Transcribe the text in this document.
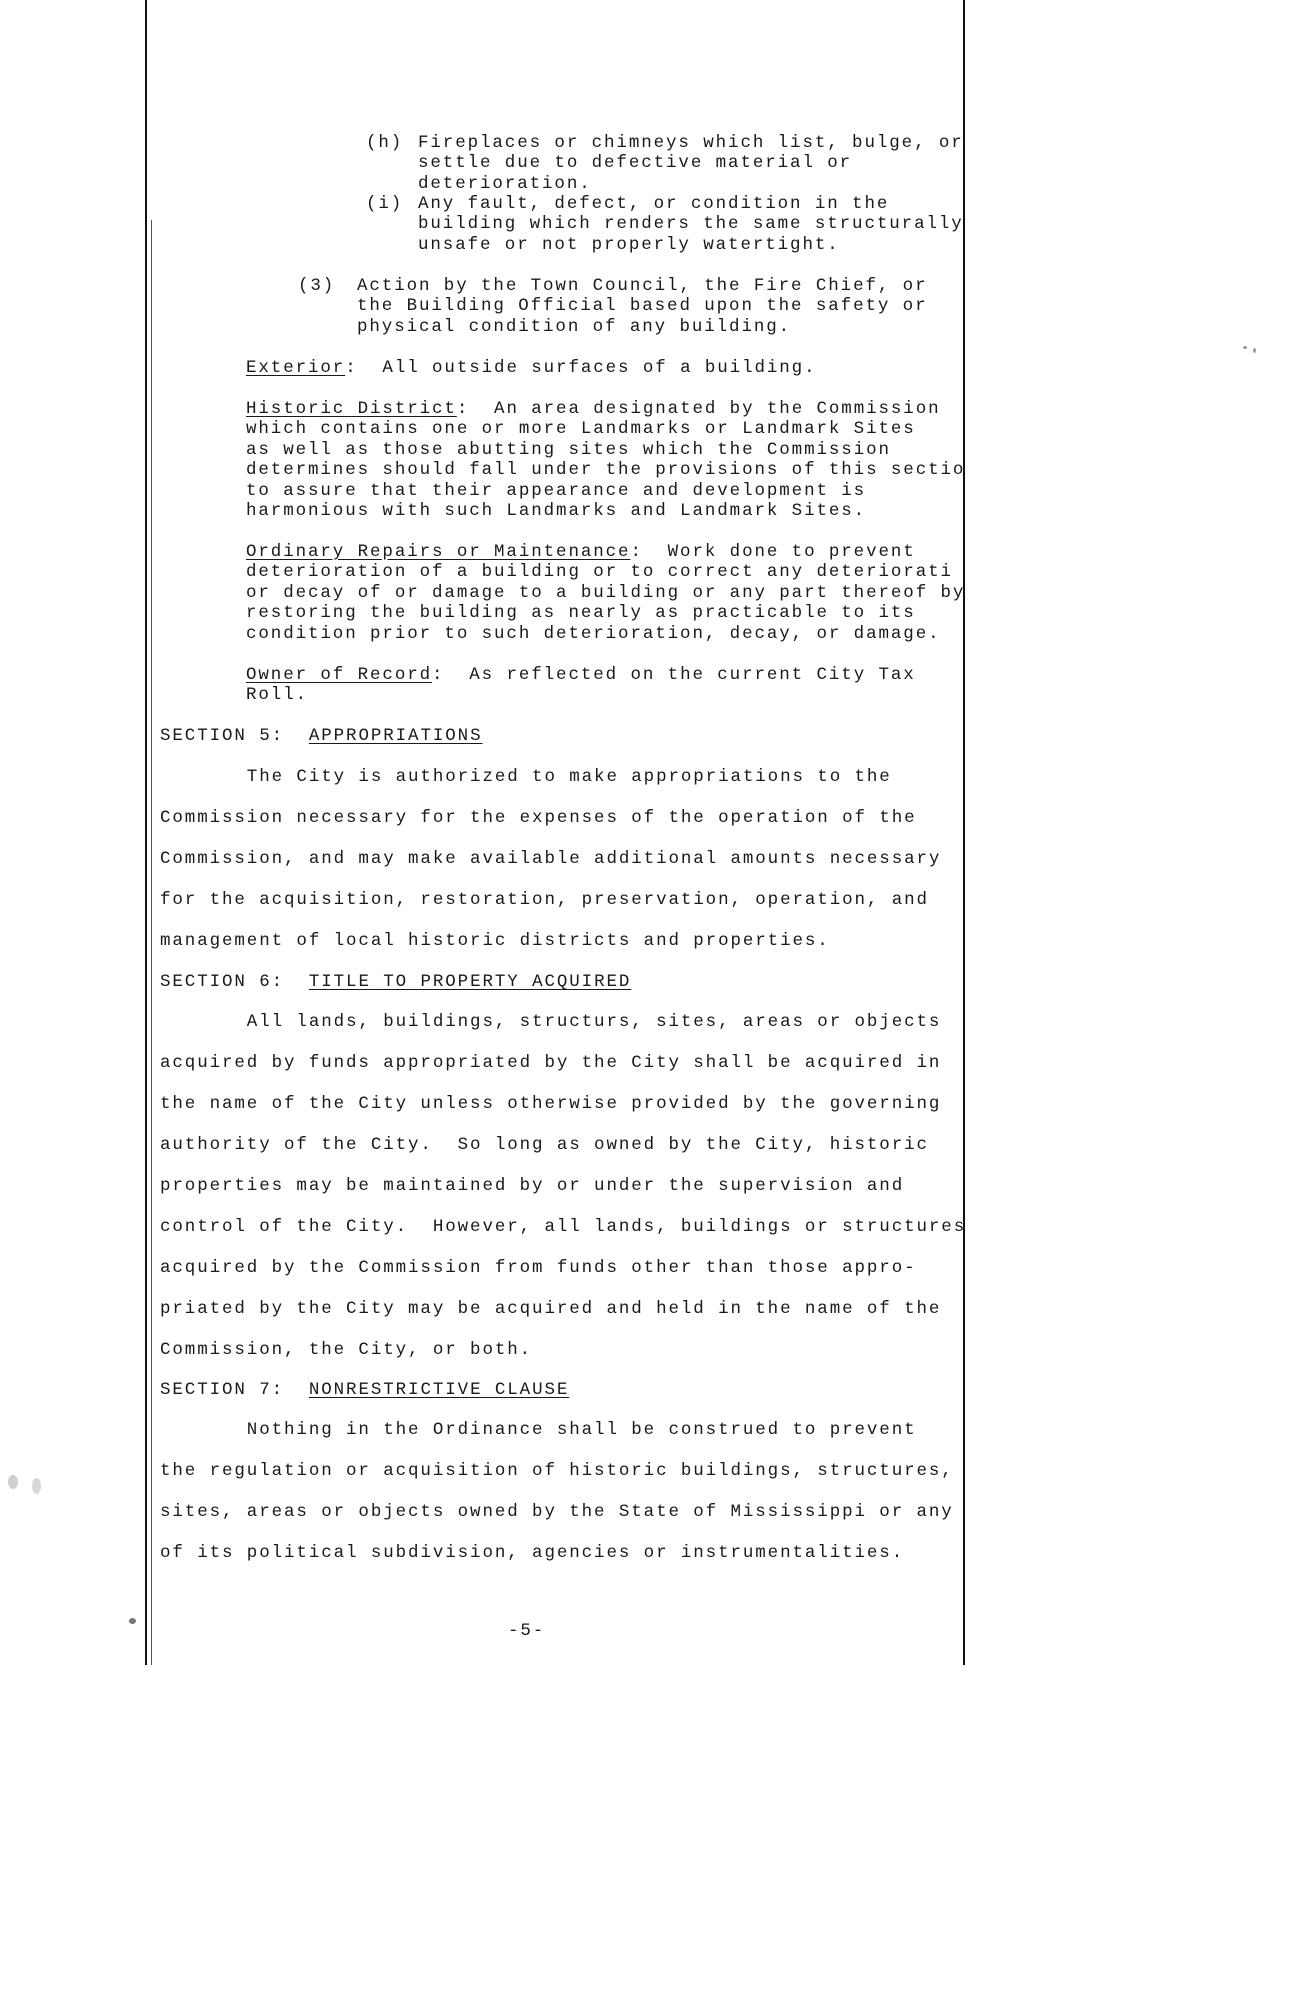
(h) Fireplaces or chimneys which list, bulge, or
settle due to defective material or
deterioration.
(i) Any fault, defect, or condition in the
building which renders the same structurally
unsafe or not properly watertight.
(3) Action by the Town Council, the Fire Chief, or
the Building Official based upon the safety or
physical condition of any building.
Exterior:  All outside surfaces of a building.
Historic District:  An area designated by the Commission
which contains one or more Landmarks or Landmark Sites
as well as those abutting sites which the Commission
determines should fall under the provisions of this sectio
to assure that their appearance and development is
harmonious with such Landmarks and Landmark Sites.
Ordinary Repairs or Maintenance:  Work done to prevent
deterioration of a building or to correct any deteriorati
or decay of or damage to a building or any part thereof by
restoring the building as nearly as practicable to its
condition prior to such deterioration, decay, or damage.
Owner of Record:  As reflected on the current City Tax
Roll.
SECTION 5: APPROPRIATIONS
The City is authorized to make appropriations to the
Commission necessary for the expenses of the operation of the
Commission, and may make available additional amounts necessary
for the acquisition, restoration, preservation, operation, and
management of local historic districts and properties.
SECTION 6: TITLE TO PROPERTY ACQUIRED
All lands, buildings, structurs, sites, areas or objects
acquired by funds appropriated by the City shall be acquired in
the name of the City unless otherwise provided by the governing
authority of the City.  So long as owned by the City, historic
properties may be maintained by or under the supervision and
control of the City.  However, all lands, buildings or structures
acquired by the Commission from funds other than those appro-
priated by the City may be acquired and held in the name of the
Commission, the City, or both.
SECTION 7: NONRESTRICTIVE CLAUSE
Nothing in the Ordinance shall be construed to prevent
the regulation or acquisition of historic buildings, structures,
sites, areas or objects owned by the State of Mississippi or any
of its political subdivision, agencies or instrumentalities.
-5-
